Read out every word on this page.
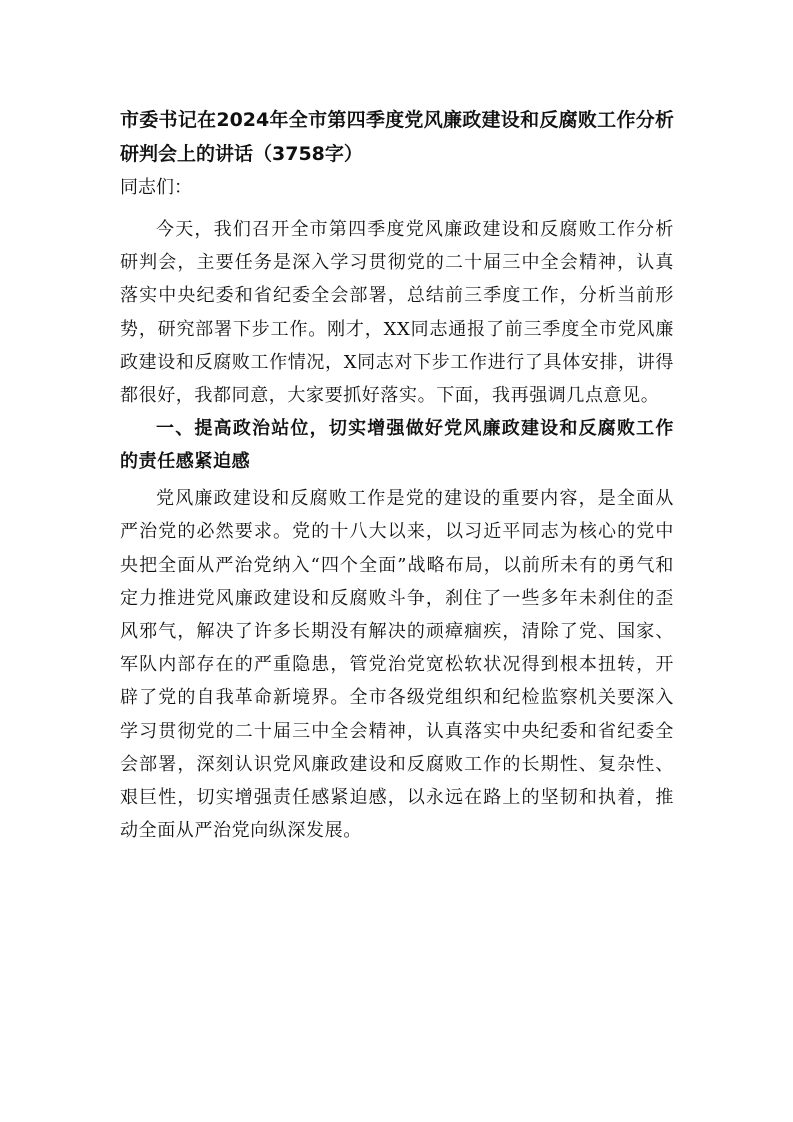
市委书记在2024年全市第四季度党风廉政建设和反腐败工作分析研判会上的讲话（3758字）

同志们：

今天，我们召开全市第四季度党风廉政建设和反腐败工作分析研判会，主要任务是深入学习贯彻党的二十届三中全会精神，认真落实中央纪委和省纪委全会部署，总结前三季度工作，分析当前形势，研究部署下步工作。刚才，XX同志通报了前三季度全市党风廉政建设和反腐败工作情况，X同志对下步工作进行了具体安排，讲得都很好，我都同意，大家要抓好落实。下面，我再强调几点意见。

一、提高政治站位，切实增强做好党风廉政建设和反腐败工作的责任感紧迫感

党风廉政建设和反腐败工作是党的建设的重要内容，是全面从严治党的必然要求。党的十八大以来，以习近平同志为核心的党中央把全面从严治党纳入“四个全面”战略布局，以前所未有的勇气和定力推进党风廉政建设和反腐败斗争，刹住了一些多年未刹住的歪风邪气，解决了许多长期没有解决的顽瘴痼疾，清除了党、国家、军队内部存在的严重隐患，管党治党宽松软状况得到根本扭转，开辟了党的自我革命新境界。全市各级党组织和纪检监察机关要深入学习贯彻党的二十届三中全会精神，认真落实中央纪委和省纪委全会部署，深刻认识党风廉政建设和反腐败工作的长期性、复杂性、艰巨性，切实增强责任感紧迫感，以永远在路上的坚韧和执着，推动全面从严治党向纵深发展。
